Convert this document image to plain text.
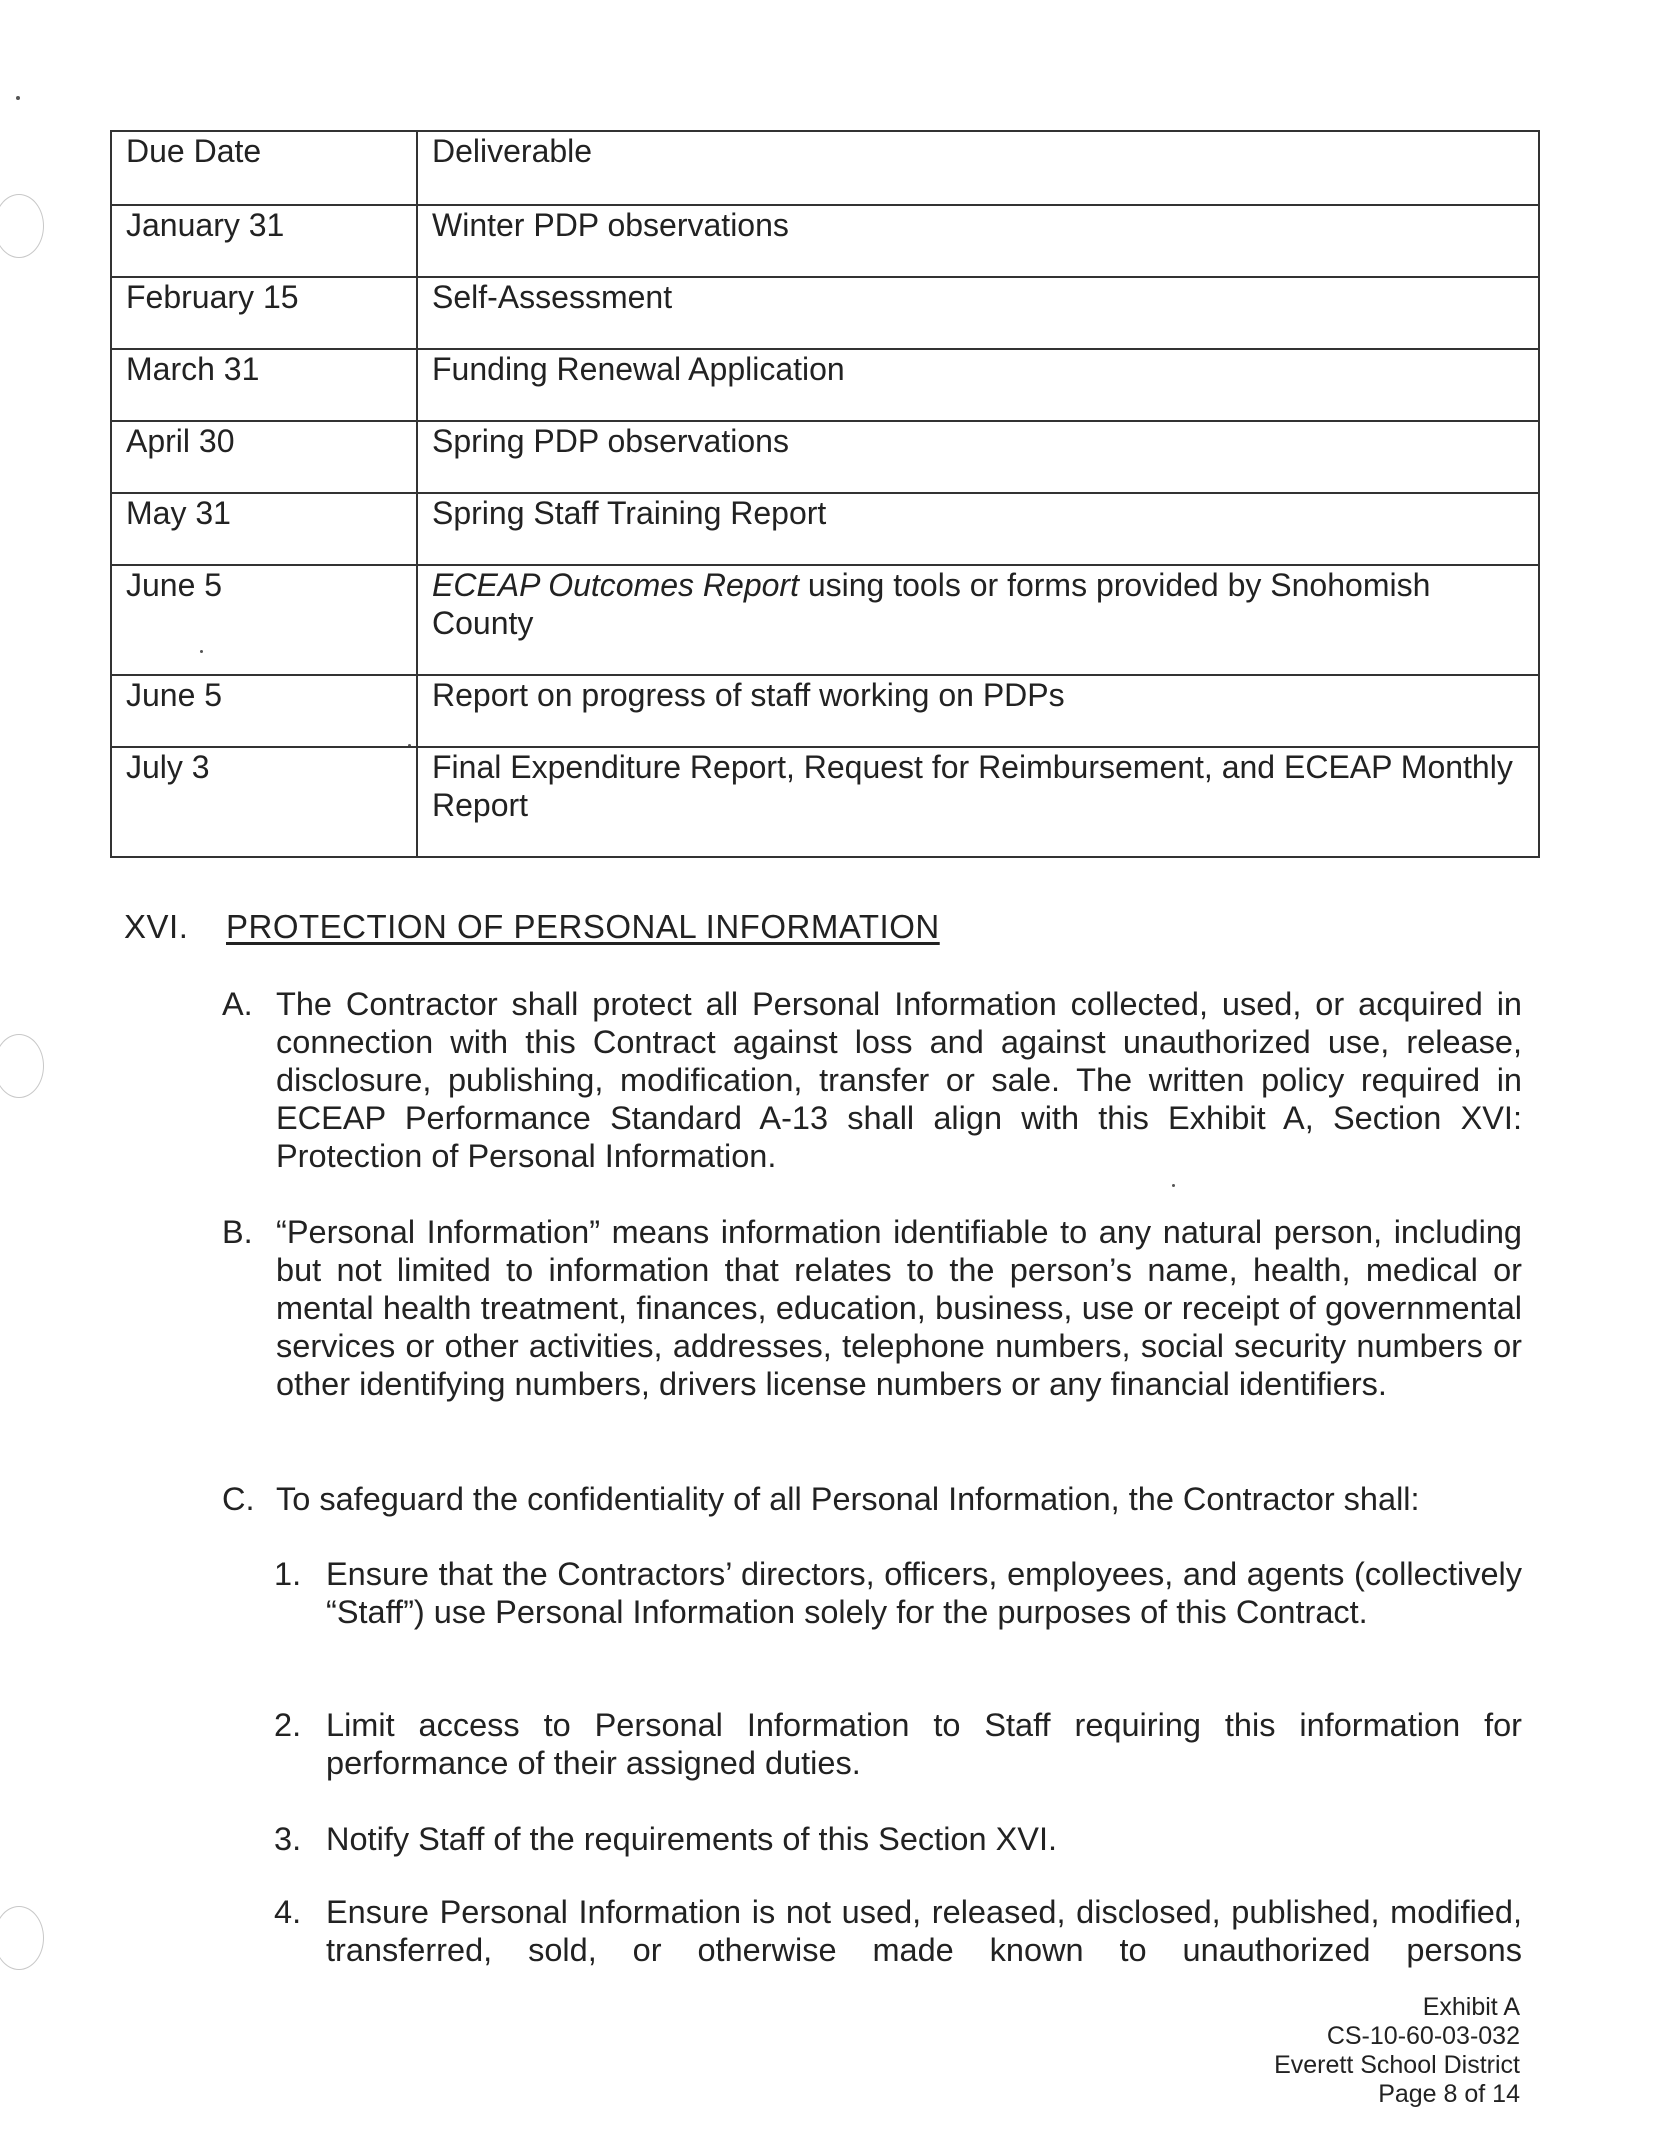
Due Date	Deliverable

January 31	Winter PDP observations

February 15	Self-Assessment

March 31	Funding Renewal Application

April 30	Spring PDP observations

May 31	Spring Staff Training Report

June 5	ECEAP Outcomes Report using tools or forms provided by Snohomish County

June 5	Report on progress of staff working on PDPs

July 3	Final Expenditure Report, Request for Reimbursement, and ECEAP Monthly Report
XVI. PROTECTION OF PERSONAL INFORMATION
A. The Contractor shall protect all Personal Information collected, used, or acquired in connection with this Contract against loss and against unauthorized use, release, disclosure, publishing, modification, transfer or sale. The written policy required in ECEAP Performance Standard A-13 shall align with this Exhibit A, Section XVI: Protection of Personal Information.
B. “Personal Information” means information identifiable to any natural person, including but not limited to information that relates to the person’s name, health, medical or mental health treatment, finances, education, business, use or receipt of governmental services or other activities, addresses, telephone numbers, social security numbers or other identifying numbers, drivers license numbers or any financial identifiers.
C. To safeguard the confidentiality of all Personal Information, the Contractor shall:
1. Ensure that the Contractors’ directors, officers, employees, and agents (collectively “Staff”) use Personal Information solely for the purposes of this Contract.
2. Limit access to Personal Information to Staff requiring this information for performance of their assigned duties.
3. Notify Staff of the requirements of this Section XVI.
4. Ensure Personal Information is not used, released, disclosed, published, modified, transferred, sold, or otherwise made known to unauthorized persons
Exhibit A
CS-10-60-03-032
Everett School District
Page 8 of 14
